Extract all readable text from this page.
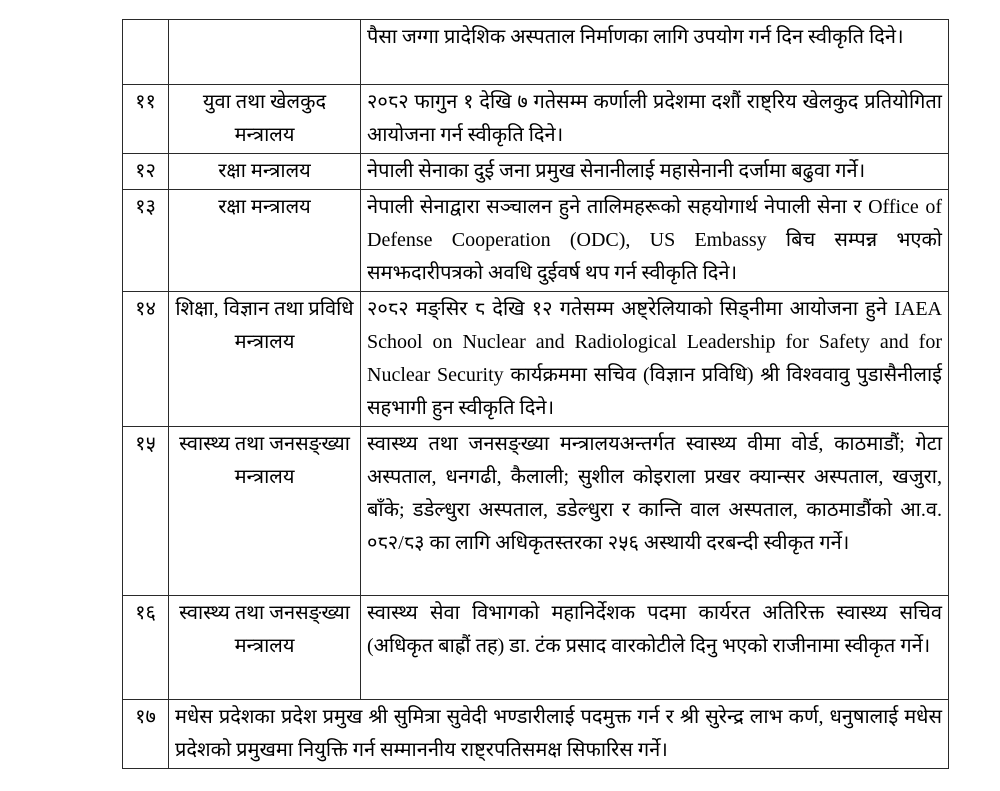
		पैसा जग्गा प्रादेशिक अस्पताल निर्माणका लागि उपयोग गर्न दिन स्वीकृति दिने।
११	युवा तथा खेलकुद मन्त्रालय	२०८२ फागुन १ देखि ७ गतेसम्म कर्णाली प्रदेशमा दशौं राष्ट्रिय खेलकुद प्रतियोगिता आयोजना गर्न स्वीकृति दिने।
१२	रक्षा मन्त्रालय	नेपाली सेनाका दुई जना प्रमुख सेनानीलाई महासेनानी दर्जामा बढुवा गर्ने।
१३	रक्षा मन्त्रालय	नेपाली सेनाद्वारा सञ्चालन हुने तालिमहरूको सहयोगार्थ नेपाली सेना र Office of Defense Cooperation (ODC), US Embassy बिच सम्पन्न भएको समझदारीपत्रको अवधि दुईवर्ष थप गर्न स्वीकृति दिने।
१४	शिक्षा, विज्ञान तथा प्रविधि मन्त्रालय	२०८२ मङ्सिर ८ देखि १२ गतेसम्म अष्ट्रेलियाको सिड्नीमा आयोजना हुने IAEA School on Nuclear and Radiological Leadership for Safety and for Nuclear Security कार्यक्रममा सचिव (विज्ञान प्रविधि) श्री विश्ववावु पुडासैनीलाई सहभागी हुन स्वीकृति दिने।
१५	स्वास्थ्य तथा जनसङ्ख्या मन्त्रालय	स्वास्थ्य तथा जनसङ्ख्या मन्त्रालयअन्तर्गत स्वास्थ्य वीमा वोर्ड, काठमाडौं; गेटा अस्पताल, धनगढी, कैलाली; सुशील कोइराला प्रखर क्यान्सर अस्पताल, खजुरा, बाँके; डडेल्धुरा अस्पताल, डडेल्धुरा र कान्ति वाल अस्पताल, काठमाडौंको आ.व. ०८२/८३ का लागि अधिकृतस्तरका २५६ अस्थायी दरबन्दी स्वीकृत गर्ने।
१६	स्वास्थ्य तथा जनसङ्ख्या मन्त्रालय	स्वास्थ्य सेवा विभागको महानिर्देशक पदमा कार्यरत अतिरिक्त स्वास्थ्य सचिव (अधिकृत बाह्रौं तह) डा. टंक प्रसाद वारकोटीले दिनु भएको राजीनामा स्वीकृत गर्ने।
१७	मधेस प्रदेशका प्रदेश प्रमुख श्री सुमित्रा सुवेदी भण्डारीलाई पदमुक्त गर्न र श्री सुरेन्द्र लाभ कर्ण, धनुषालाई मधेस प्रदेशको प्रमुखमा नियुक्ति गर्न सम्माननीय राष्ट्रपतिसमक्ष सिफारिस गर्ने।	
